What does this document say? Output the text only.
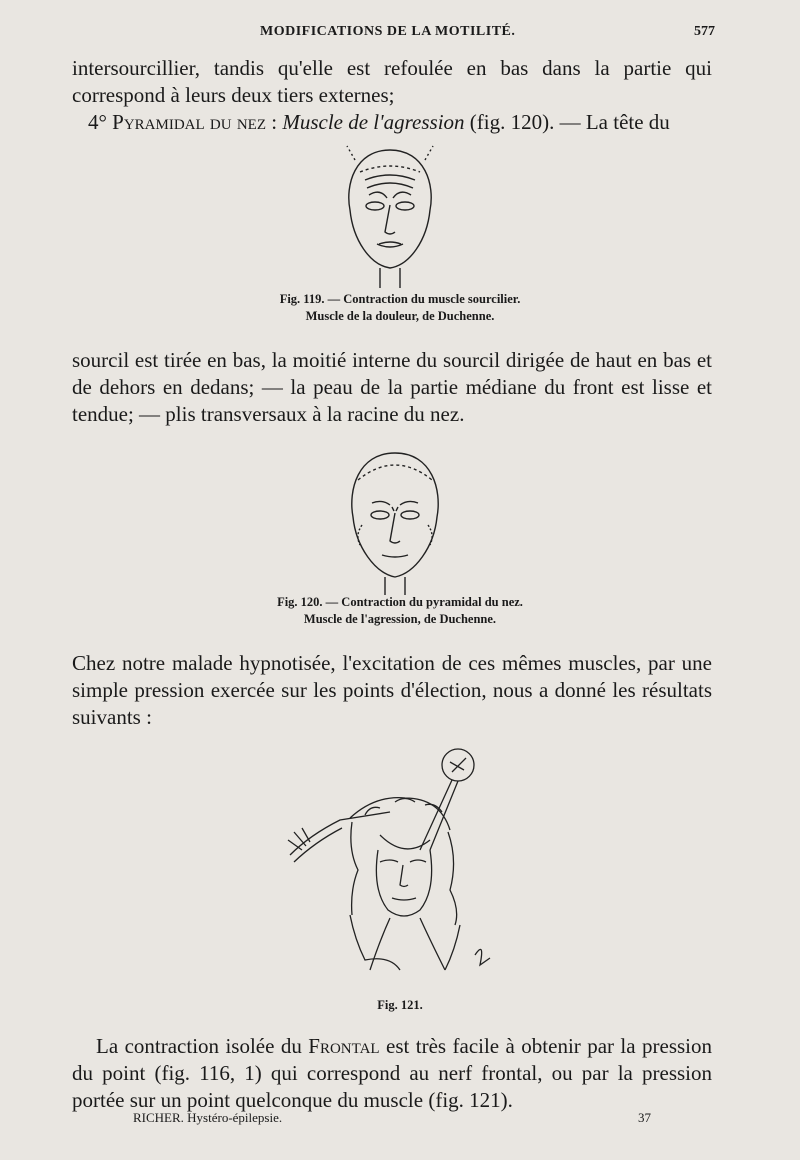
MODIFICATIONS DE LA MOTILITÉ.	577

intersourcillier, tandis qu'elle est refoulée en bas dans la partie qui correspond à leurs deux tiers externes;
4° Pyramidal du nez : Muscle de l'agression (fig. 120). — La tête du

Fig. 119. — Contraction du muscle sourcilier.
Muscle de la douleur, de Duchenne.

sourcil est tirée en bas, la moitié interne du sourcil dirigée de haut en bas et de dehors en dedans; — la peau de la partie médiane du front est lisse et tendue; — plis transversaux à la racine du nez.

Fig. 120. — Contraction du pyramidal du nez.
Muscle de l'agression, de Duchenne.

Chez notre malade hypnotisée, l'excitation de ces mêmes muscles, par une simple pression exercée sur les points d'élection, nous a donné les résultats suivants :

Fig. 121.

La contraction isolée du Frontal est très facile à obtenir par la pression du point (fig. 116, 1) qui correspond au nerf frontal, ou par la pression portée sur un point quelconque du muscle (fig. 121).

RICHER. Hystéro-épilepsie.	37
